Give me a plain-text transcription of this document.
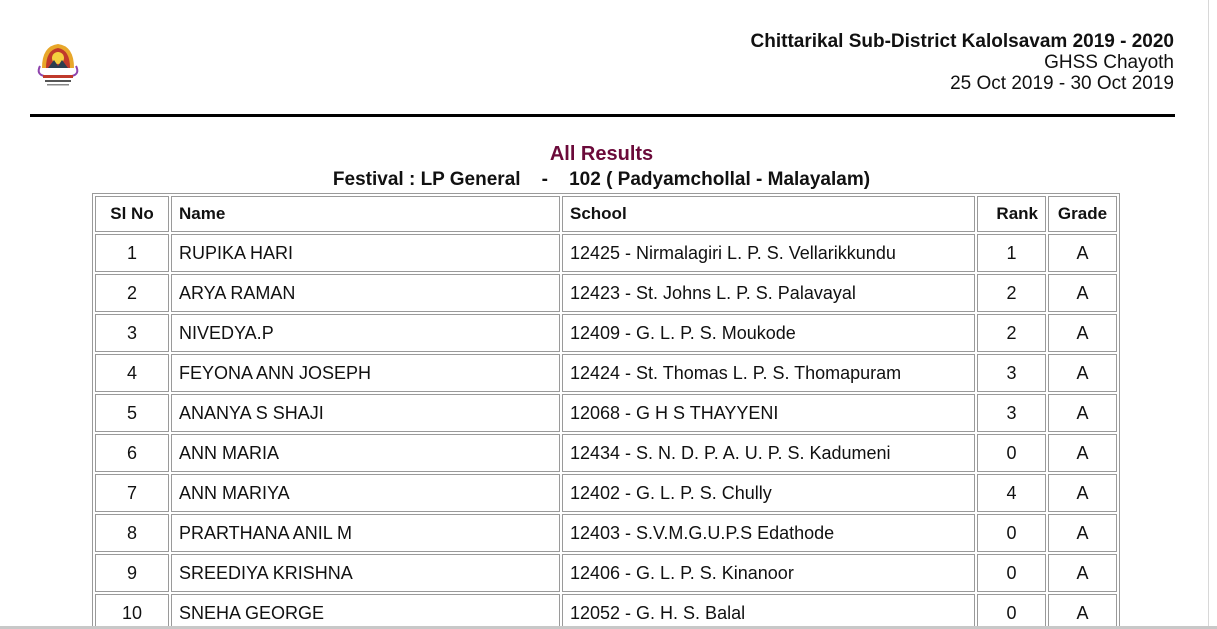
Chittarikal Sub-District Kalolsavam 2019 - 2020
GHSS Chayoth
25 Oct 2019 - 30 Oct 2019
All Results
Festival : LP General    -    102 ( Padyamchollal - Malayalam)
Sl No	Name	School	Rank	Grade
1	RUPIKA HARI	12425 - Nirmalagiri L. P. S. Vellarikkundu	1	A
2	ARYA RAMAN	12423 - St. Johns L. P. S. Palavayal	2	A
3	NIVEDYA.P	12409 - G. L. P. S. Moukode	2	A
4	FEYONA ANN JOSEPH	12424 - St. Thomas L. P. S. Thomapuram	3	A
5	ANANYA S SHAJI	12068 - G H S THAYYENI	3	A
6	ANN MARIA	12434 - S. N. D. P. A. U. P. S. Kadumeni	0	A
7	ANN MARIYA	12402 - G. L. P. S. Chully	4	A
8	PRARTHANA ANIL M	12403 - S.V.M.G.U.P.S Edathode	0	A
9	SREEDIYA KRISHNA	12406 - G. L. P. S. Kinanoor	0	A
10	SNEHA GEORGE	12052 - G. H. S. Balal	0	A
